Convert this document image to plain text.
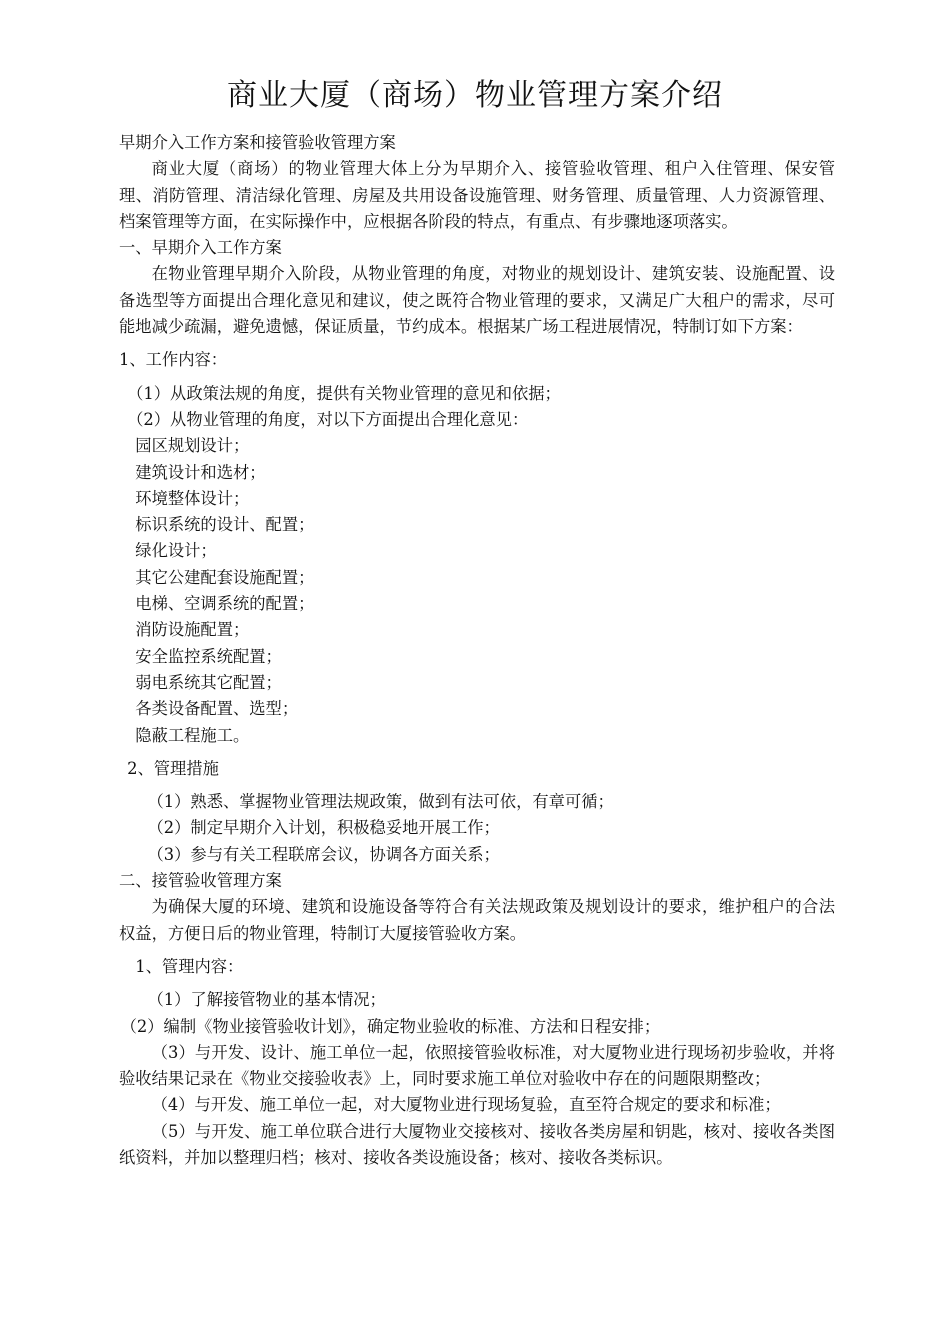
商业大厦（商场）物业管理方案介绍

早期介入工作方案和接管验收管理方案

商业大厦（商场）的物业管理大体上分为早期介入、接管验收管理、租户入住管理、保安管理、消防管理、清洁绿化管理、房屋及共用设备设施管理、财务管理、质量管理、人力资源管理、档案管理等方面，在实际操作中，应根据各阶段的特点，有重点、有步骤地逐项落实。

一、早期介入工作方案

在物业管理早期介入阶段，从物业管理的角度，对物业的规划设计、建筑安装、设施配置、设备选型等方面提出合理化意见和建议，使之既符合物业管理的要求，又满足广大租户的需求，尽可能地减少疏漏，避免遗憾，保证质量，节约成本。根据某广场工程进展情况，特制订如下方案：

1、工作内容：

（1）从政策法规的角度，提供有关物业管理的意见和依据；

（2）从物业管理的角度，对以下方面提出合理化意见：

园区规划设计；

建筑设计和选材；

环境整体设计；

标识系统的设计、配置；

绿化设计；

其它公建配套设施配置；

电梯、空调系统的配置；

消防设施配置；

安全监控系统配置；

弱电系统其它配置；

各类设备配置、选型；

隐蔽工程施工。

2、管理措施

（1）熟悉、掌握物业管理法规政策，做到有法可依，有章可循；

（2）制定早期介入计划，积极稳妥地开展工作；

（3）参与有关工程联席会议，协调各方面关系；

二、接管验收管理方案

为确保大厦的环境、建筑和设施设备等符合有关法规政策及规划设计的要求，维护租户的合法权益，方便日后的物业管理，特制订大厦接管验收方案。

1、管理内容：

（1）了解接管物业的基本情况；

（2）编制《物业接管验收计划》，确定物业验收的标准、方法和日程安排；

（3）与开发、设计、施工单位一起，依照接管验收标准，对大厦物业进行现场初步验收，并将验收结果记录在《物业交接验收表》上，同时要求施工单位对验收中存在的问题限期整改；

（4）与开发、施工单位一起，对大厦物业进行现场复验，直至符合规定的要求和标准；

（5）与开发、施工单位联合进行大厦物业交接核对、接收各类房屋和钥匙，核对、接收各类图纸资料，并加以整理归档；核对、接收各类设施设备；核对、接收各类标识。
